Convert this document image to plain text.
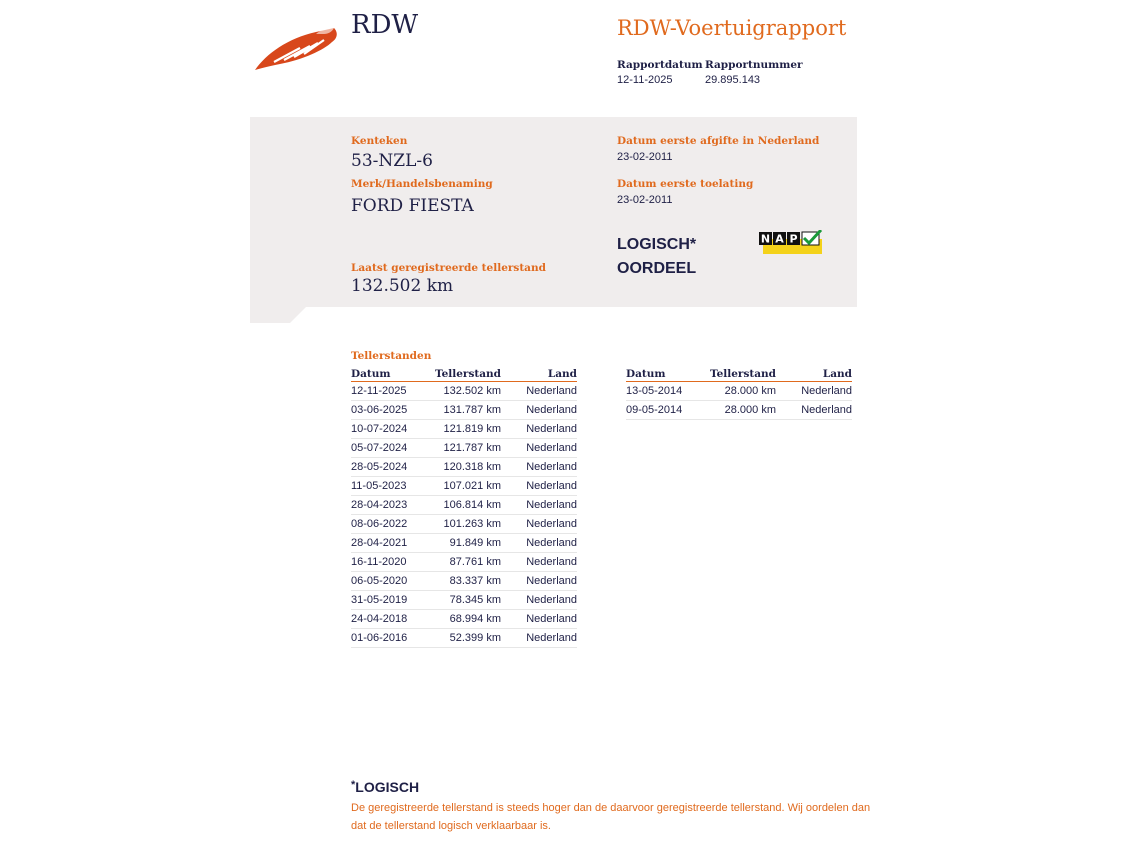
RDW	RDW-Voertuigrapport
Rapportdatum
12-11-2025
Rapportnummer
29.895.143
Kenteken
53-NZL-6
Merk/Handelsbenaming
FORD FIESTA
Laatst geregistreerde tellerstand
132.502 km
Datum eerste afgifte in Nederland
23-02-2011
Datum eerste toelating
23-02-2011
LOGISCH*
OORDEEL
N A P
Tellerstanden
Datum	Tellerstand	Land
12-11-2025	132.502 km	Nederland
03-06-2025	131.787 km	Nederland
10-07-2024	121.819 km	Nederland
05-07-2024	121.787 km	Nederland
28-05-2024	120.318 km	Nederland
11-05-2023	107.021 km	Nederland
28-04-2023	106.814 km	Nederland
08-06-2022	101.263 km	Nederland
28-04-2021	91.849 km	Nederland
16-11-2020	87.761 km	Nederland
06-05-2020	83.337 km	Nederland
31-05-2019	78.345 km	Nederland
24-04-2018	68.994 km	Nederland
01-06-2016	52.399 km	Nederland
Datum	Tellerstand	Land
13-05-2014	28.000 km	Nederland
09-05-2014	28.000 km	Nederland
*LOGISCH
De geregistreerde tellerstand is steeds hoger dan de daarvoor geregistreerde tellerstand. Wij oordelen dan dat de tellerstand logisch verklaarbaar is.
